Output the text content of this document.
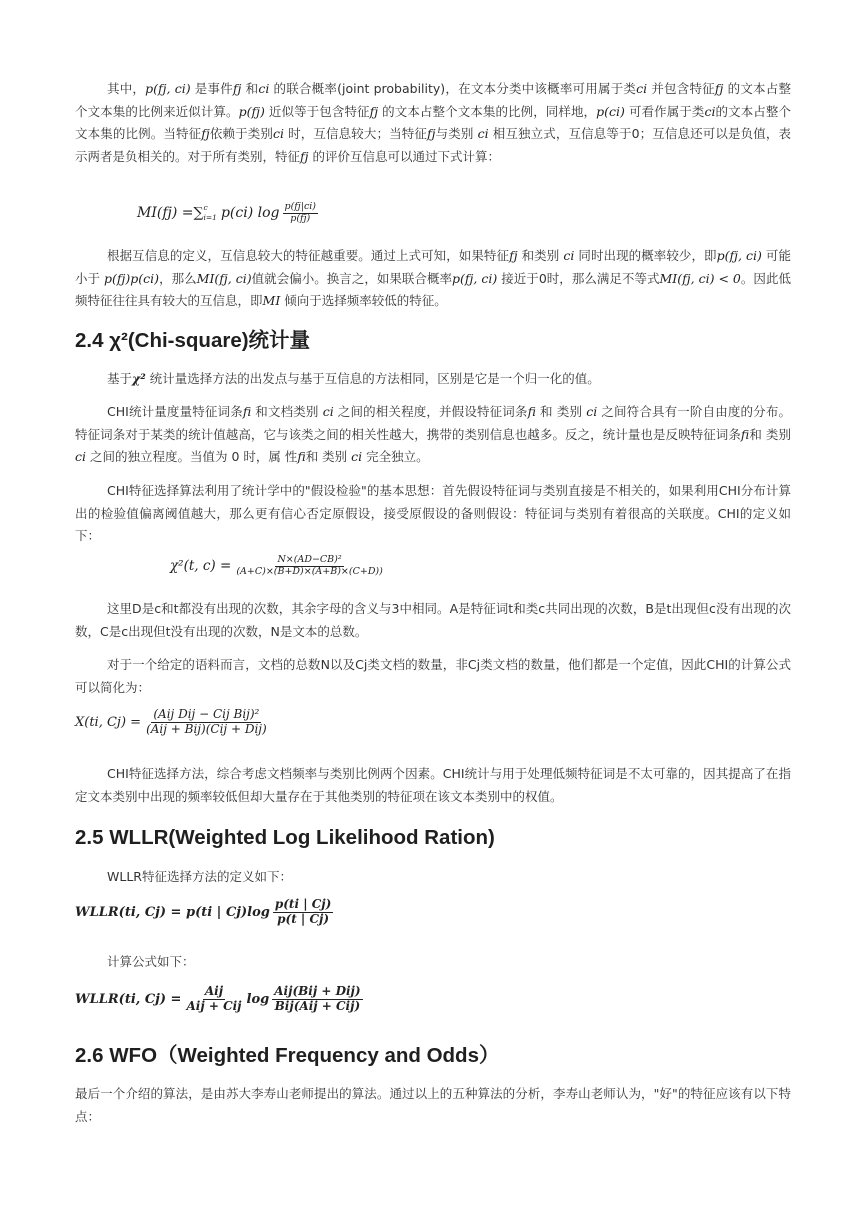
其中，p(fj, ci) 是事件fj 和ci 的联合概率(joint probability)，在文本分类中该概率可用属于类ci 并包含特征fj 的文本占整个文本集的比例来近似计算。p(fj) 近似等于包含特征fj 的文本占整个文本集的比例，同样地，p(ci) 可看作属于类ci的文本占整个文本集的比例。当特征fj依赖于类别ci 时，互信息较大；当特征fj与类别 ci 相互独立式，互信息等于0；互信息还可以是负值，表示两者是负相关的。对于所有类别，特征fj 的评价互信息可以通过下式计算：

MI(fj) = ∑ c
i=1 p(ci) $\log \frac{p(fj|ci)}{p(fj)}$

根据互信息的定义，互信息较大的特征越重要。通过上式可知，如果特征fj 和类别 ci 同时出现的概率较少，即p(fj, ci) 可能小于 p(fj)p(ci)，那么MI(fj, ci)值就会偏小。换言之，如果联合概率p(fj, ci) 接近于0时，那么满足不等式MI(fj, ci) < 0。因此低频特征往往具有较大的互信息，即MI 倾向于选择频率较低的特征。

2.4 χ²(Chi-square)统计量

基于χ² 统计量选择方法的出发点与基于互信息的方法相同，区别是它是一个归一化的值。

CHI统计量度量特征词条fi 和文档类别 ci 之间的相关程度，并假设特征词条fi 和 类别 ci 之间符合具有一阶自由度的分布。特征词条对于某类的统计值越高，它与该类之间的相关性越大，携带的类别信息也越多。反之，统计量也是反映特征词条fi和 类别 ci 之间的独立程度。当值为 0 时，属 性fi和 类别 ci 完全独立。

CHI特征选择算法利用了统计学中的"假设检验"的基本思想：首先假设特征词与类别直接是不相关的，如果利用CHI分布计算出的检验值偏离阈值越大，那么更有信心否定原假设，接受原假设的备则假设：特征词与类别有着很高的关联度。CHI的定义如下：

χ²(t, $c) = \frac{\text{N×(AD−CB)²}}{(A+C)\times(B+D)\times(A+B)\times(C+D))}$

这里D是c和t都没有出现的次数，其余字母的含义与3中相同。A是特征词t和类c共同出现的次数，B是t出现但c没有出现的次数，C是c出现但t没有出现的次数，N是文本的总数。

对于一个给定的语料而言，文档的总数N以及Cj类文档的数量，非Cj类文档的数量，他们都是一个定值，因此CHI的计算公式可以简化为：

X(ti, $Cj) = \frac{\text{(Aij Dij − Cij Bij)²}}{\text{(Aij + Bij)(Cij + Dij)}}$

CHI特征选择方法，综合考虑文档频率与类别比例两个因素。CHI统计与用于处理低频特征词是不太可靠的，因其提高了在指定文本类别中出现的频率较低但却大量存在于其他类别的特征项在该文本类别中的权值。

2.5 WLLR(Weighted Log Likelihood Ration)

WLLR特征选择方法的定义如下：

WLLR(ti, Cj) = p(ti | $Cj)\log \frac{p(ti | Cj)}{p(t | C̄j)}$

计算公式如下：

WLLR(ti, $Cj) = \frac{\text{Aij}}{\text{Aij + Cij}}$ $\log \frac{\text{Aij(Bij + Dij)}}{\text{Bij(Aij + Cij)}}$
2.6 WFO（Weighted Frequency and Odds）

最后一个介绍的算法，是由苏大李寿山老师提出的算法。通过以上的五种算法的分析，李寿山老师认为，"好"的特征应该有以下特点：
